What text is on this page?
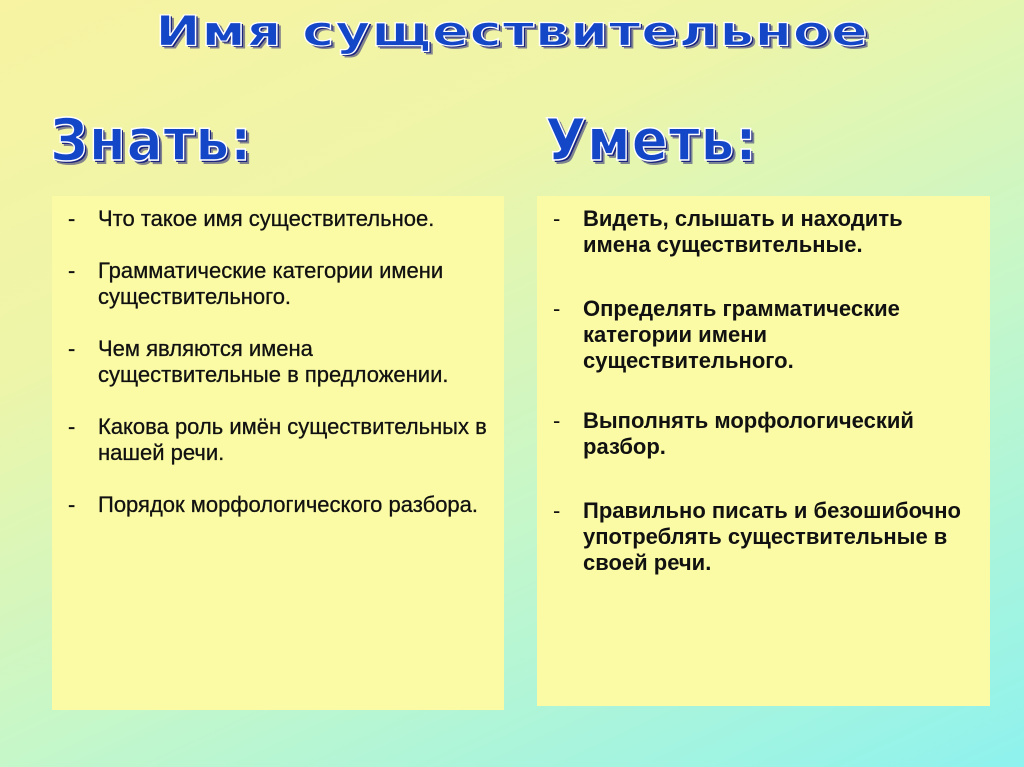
Имя существительное
Знать:	Уметь:
- Что такое имя существительное.
- Грамматические категории имени существительного.
- Чем являются имена существительные в предложении.
- Какова роль имён существительных в нашей речи.
- Порядок морфологического разбора.
- Видеть, слышать и находить имена существительные.
- Определять грамматические категории имени существительного.
- Выполнять морфологический разбор.
- Правильно писать и безошибочно употреблять существительные в своей речи.
